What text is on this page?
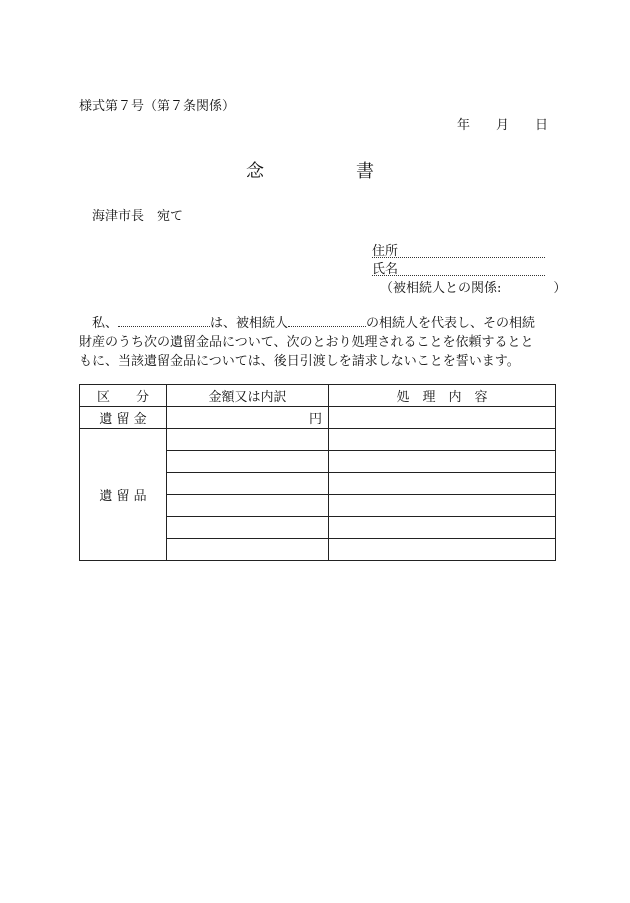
様式第７号（第７条関係）
年 月 日
念	書
海津市長　宛て
住所
氏名
（被相続人との関係:	）
私、	は、被相続人	の相続人を代表し、その相続
財産のうち次の遺留金品について、次のとおり処理されることを依頼するとと
もに、当該遺留金品については、後日引渡しを請求しないことを誓います。
区　　分	金額又は内訳	処　理　内　容
遺 留 金	円	
遺 留 品		
